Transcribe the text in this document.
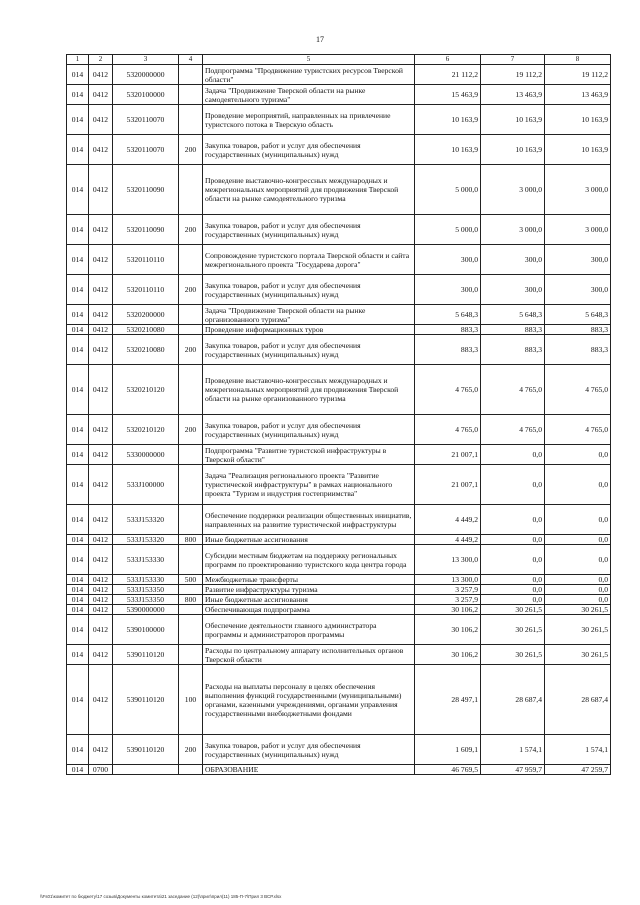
17
1	2	3	4	5	6	7	8
014	0412	5320000000		Подпрограмма "Продвижение туристских ресурсов Тверской области"	21 112,2	19 112,2	19 112,2
014	0412	5320100000		Задача "Продвижение Тверской области на рынке самодеятельного туризма"	15 463,9	13 463,9	13 463,9
014	0412	5320110070		Проведение мероприятий, направленных на привлечение туристского потока в Тверскую область	10 163,9	10 163,9	10 163,9
014	0412	5320110070	200	Закупка товаров, работ и услуг для обеспечения государственных (муниципальных) нужд	10 163,9	10 163,9	10 163,9
014	0412	5320110090		Проведение выставочно-конгрессных международных и межрегиональных мероприятий для продвижения Тверской области на рынке самодеятельного туризма	5 000,0	3 000,0	3 000,0
014	0412	5320110090	200	Закупка товаров, работ и услуг для обеспечения государственных (муниципальных) нужд	5 000,0	3 000,0	3 000,0
014	0412	5320110110		Сопровождение туристского портала Тверской области и сайта межрегионального проекта "Государева дорога"	300,0	300,0	300,0
014	0412	5320110110	200	Закупка товаров, работ и услуг для обеспечения государственных (муниципальных) нужд	300,0	300,0	300,0
014	0412	5320200000		Задача "Продвижение Тверской области на рынке организованного туризма"	5 648,3	5 648,3	5 648,3
014	0412	5320210080		Проведение информационных туров	883,3	883,3	883,3
014	0412	5320210080	200	Закупка товаров, работ и услуг для обеспечения государственных (муниципальных) нужд	883,3	883,3	883,3
014	0412	5320210120		Проведение выставочно-конгрессных международных и межрегиональных мероприятий для продвижения Тверской области на рынке организованного туризма	4 765,0	4 765,0	4 765,0
014	0412	5320210120	200	Закупка товаров, работ и услуг для обеспечения государственных (муниципальных) нужд	4 765,0	4 765,0	4 765,0
014	0412	5330000000		Подпрограмма "Развитие туристской инфраструктуры в Тверской области"	21 007,1	0,0	0,0
014	0412	533J100000		Задача "Реализация регионального проекта "Развитие туристической инфраструктуры" в рамках национального проекта "Туризм и индустрия гостеприимства"	21 007,1	0,0	0,0
014	0412	533J153320		Обеспечение поддержки реализации общественных инициатив, направленных на развитие туристической инфраструктуры	4 449,2	0,0	0,0
014	0412	533J153320	800	Иные бюджетные ассигнования	4 449,2	0,0	0,0
014	0412	533J153330		Субсидии местным бюджетам на поддержку региональных программ по проектированию туристского кода центра города	13 300,0	0,0	0,0
014	0412	533J153330	500	Межбюджетные трансферты	13 300,0	0,0	0,0
014	0412	533J153350		Развитие инфраструктуры туризма	3 257,9	0,0	0,0
014	0412	533J153350	800	Иные бюджетные ассигнования	3 257,9	0,0	0,0
014	0412	5390000000		Обеспечивающая подпрограмма	30 106,2	30 261,5	30 261,5
014	0412	5390100000		Обеспечение деятельности главного администратора программы и администраторов программы	30 106,2	30 261,5	30 261,5
014	0412	5390110120		Расходы по центральному аппарату исполнительных органов Тверской области	30 106,2	30 261,5	30 261,5
014	0412	5390110120	100	Расходы на выплаты персоналу в целях обеспечения выполнения функций государственными (муниципальными) органами, казенными учреждениями, органами управления государственными внебюджетными фондами	28 497,1	28 687,4	28 687,4
014	0412	5390110120	200	Закупка товаров, работ и услуг для обеспечения государственных (муниципальных) нужд	1 609,1	1 574,1	1 574,1
014	0700			ОБРАЗОВАНИЕ	46 769,5	47 959,7	47 259,7
\\Fs01\комитет по бюджету\17 созыв\Документы комитета\21 заседание (12)\прил\прил(11) 185-П-7\Прил 3 ВСР.xlsx
